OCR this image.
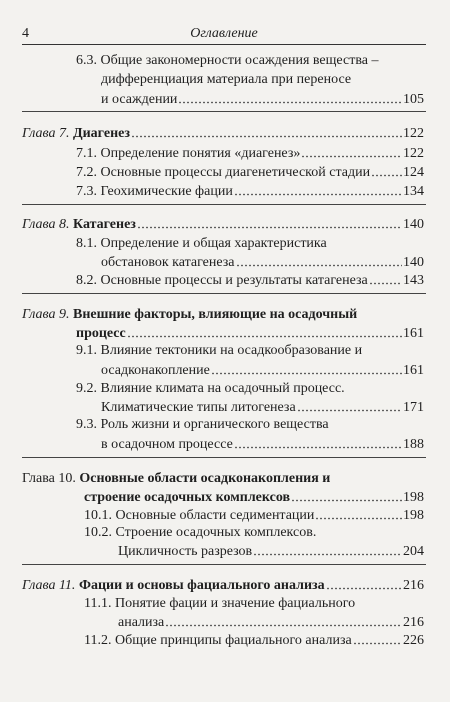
4	Оглавление
6.3. Общие закономерности осаждения вещества –
дифференциация материала при переносе
и осаждении	105
Глава 7. Диагенез	122
7.1. Определение понятия «диагенез»	122
7.2. Основные процессы диагенетической стадии 124
7.3. Геохимические фации	134
Глава 8. Катагенез	140
8.1. Определение и общая характеристика
обстановок катагенеза	140
8.2. Основные процессы и результаты катагенеза	143
Глава 9. Внешние факторы, влияющие на осадочный
процесс	161
9.1. Влияние тектоники на осадкообразование и
осадконакопление	161
9.2. Влияние климата на осадочный процесс.
Климатические типы литогенеза	171
9.3. Роль жизни и органического вещества
в осадочном процессе	188
Глава 10. Основные области осадконакопления и
строение осадочных комплексов	198
10.1. Основные области седиментации	198
10.2. Строение осадочных комплексов.
Цикличность разрезов	204
Глава 11. Фации и основы фациального анализа	216
11.1. Понятие фации и значение фациального
анализа	216
11.2. Общие принципы фациального анализа	226
